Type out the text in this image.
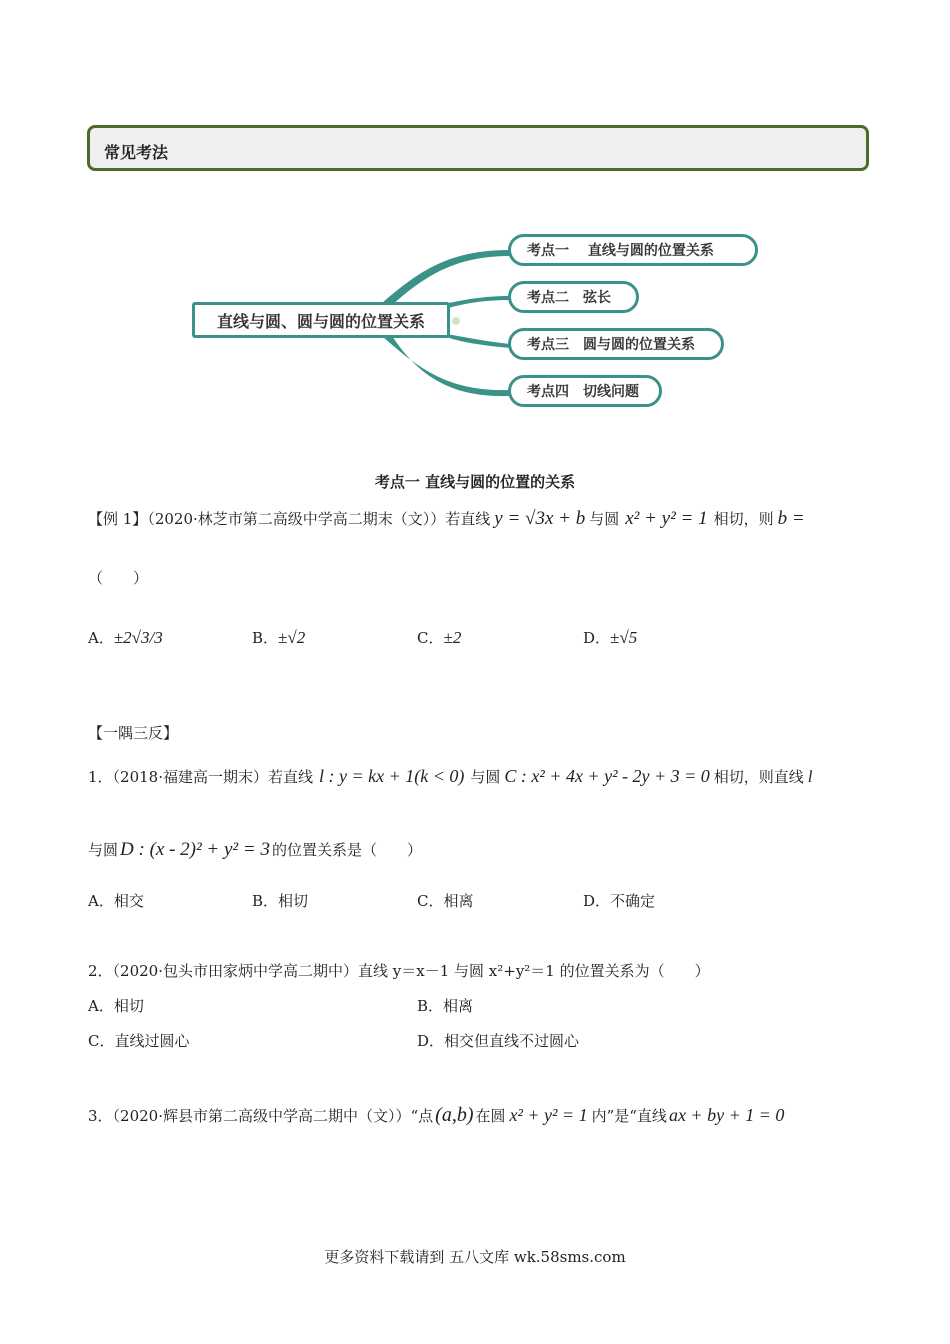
常见考法
直线与圆、圆与圆的位置关系
考点一　 直线与圆的位置关系
考点二　弦长
考点三　圆与圆的位置关系
考点四　切线问题
考点一 直线与圆的位置的关系
【例 1】（2020·林芝市第二高级中学高二期末（文））若直线 y = √3x + b 与圆 x² + y² = 1 相切，则 b =
（　　）
A．±2√3/3	B．±√2	C．±2	D．±√5
【一隅三反】
1．（2018·福建高一期末）若直线 l : y = kx + 1(k < 0) 与圆 C : x² + 4x + y² - 2y + 3 = 0 相切，则直线 l
与圆 D : (x - 2)² + y² = 3 的位置关系是（　　）
A．相交	B．相切	C．相离	D．不确定
2．（2020·包头市田家炳中学高二期中）直线 y＝x－1 与圆 x²+y²＝1 的位置关系为（　　）
A．相切	B．相离
C．直线过圆心	D．相交但直线不过圆心
3．（2020·辉县市第二高级中学高二期中（文））“点 (a,b) 在圆 x² + y² = 1 内”是“直线 ax + by + 1 = 0
更多资料下载请到 五八文库 wk.58sms.com
